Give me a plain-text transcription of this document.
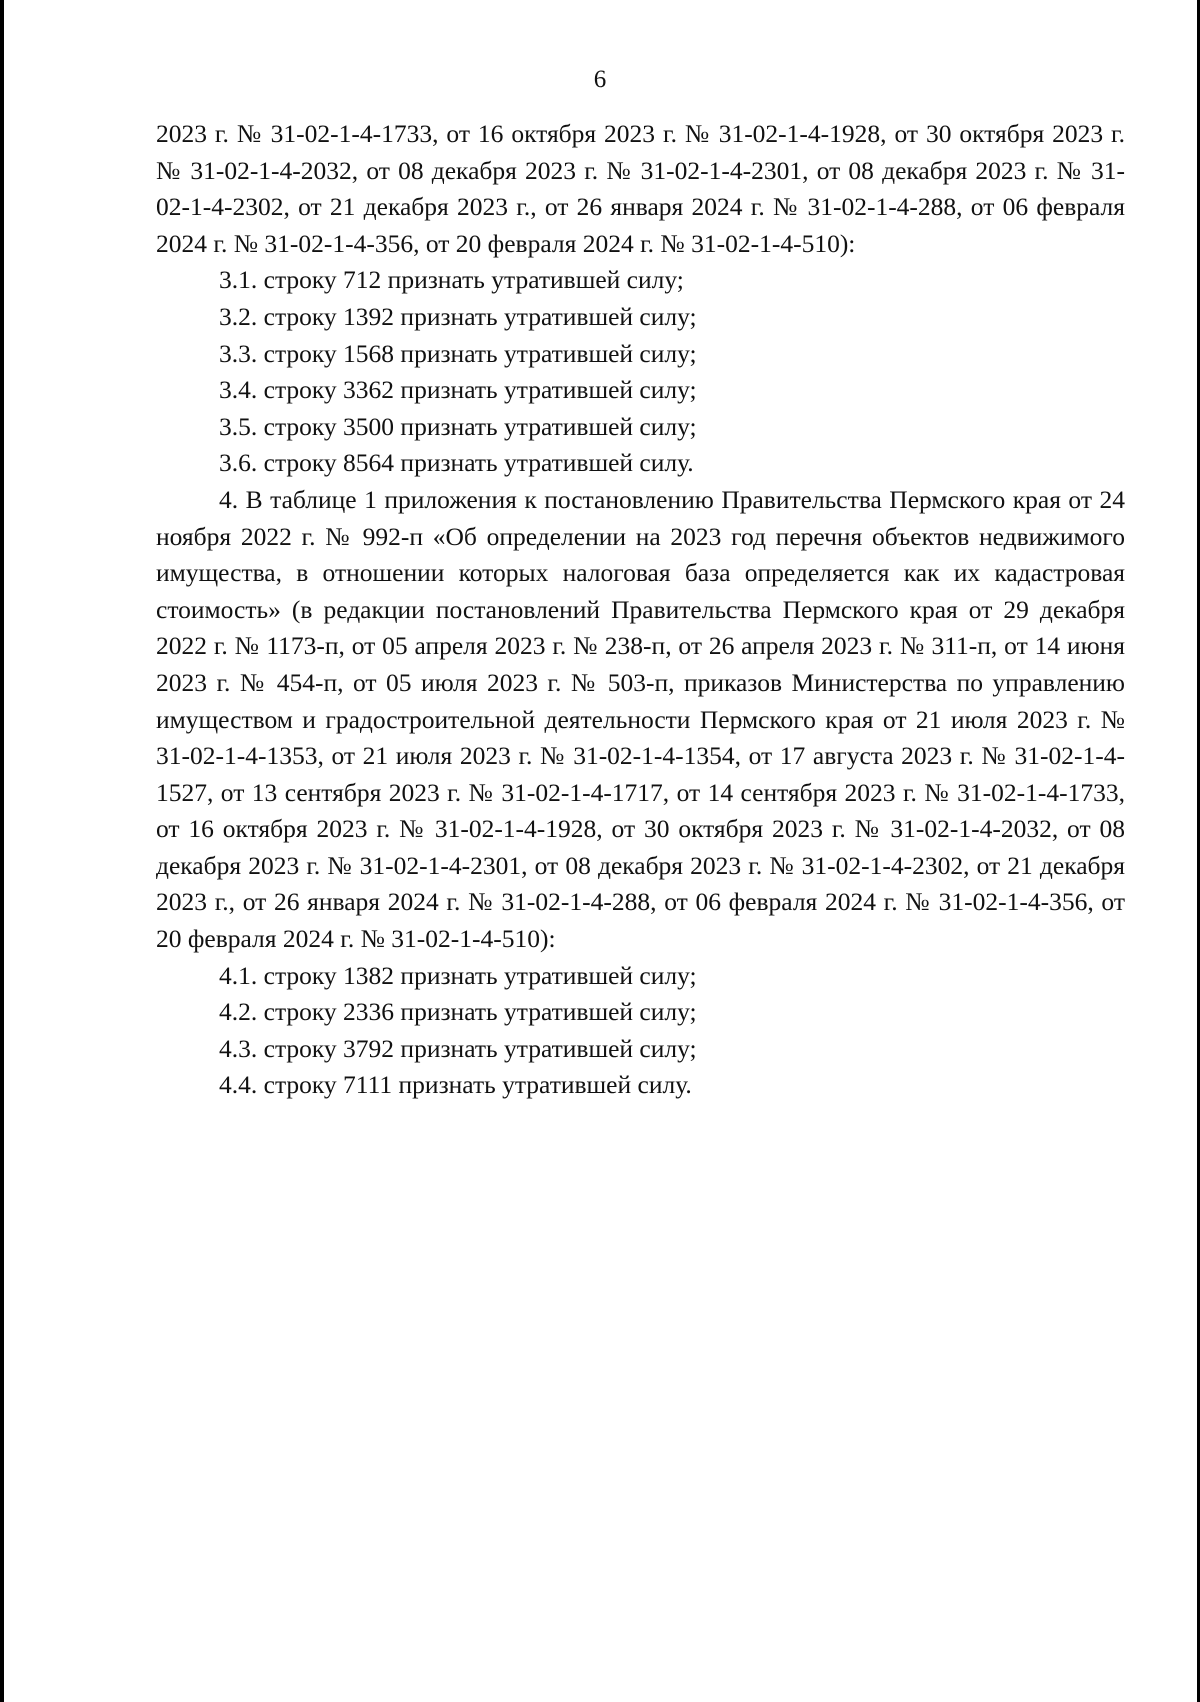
6

2023 г. № 31-02-1-4-1733, от 16 октября 2023 г. № 31-02-1-4-1928, от 30 октября 2023 г. № 31-02-1-4-2032, от 08 декабря 2023 г. № 31-02-1-4-2301, от 08 декабря 2023 г. № 31-02-1-4-2302, от 21 декабря 2023 г., от 26 января 2024 г. № 31-02-1-4-288, от 06 февраля 2024 г. № 31-02-1-4-356, от 20 февраля 2024 г. № 31-02-1-4-510):

3.1. строку 712 признать утратившей силу;

3.2. строку 1392 признать утратившей силу;

3.3. строку 1568 признать утратившей силу;

3.4. строку 3362 признать утратившей силу;

3.5. строку 3500 признать утратившей силу;

3.6. строку 8564 признать утратившей силу.

4. В таблице 1 приложения к постановлению Правительства Пермского края от 24 ноября 2022 г. № 992-п «Об определении на 2023 год перечня объектов недвижимого имущества, в отношении которых налоговая база определяется как их кадастровая стоимость» (в редакции постановлений Правительства Пермского края от 29 декабря 2022 г. № 1173-п, от 05 апреля 2023 г. № 238-п, от 26 апреля 2023 г. № 311-п, от 14 июня 2023 г. № 454-п, от 05 июля 2023 г. № 503-п, приказов Министерства по управлению имуществом и градостроительной деятельности Пермского края от 21 июля 2023 г. № 31-02-1-4-1353, от 21 июля 2023 г. № 31-02-1-4-1354, от 17 августа 2023 г. № 31-02-1-4-1527, от 13 сентября 2023 г. № 31-02-1-4-1717, от 14 сентября 2023 г. № 31-02-1-4-1733, от 16 октября 2023 г. № 31-02-1-4-1928, от 30 октября 2023 г. № 31-02-1-4-2032, от 08 декабря 2023 г. № 31-02-1-4-2301, от 08 декабря 2023 г. № 31-02-1-4-2302, от 21 декабря 2023 г., от 26 января 2024 г. № 31-02-1-4-288, от 06 февраля 2024 г. № 31-02-1-4-356, от 20 февраля 2024 г. № 31-02-1-4-510):

4.1. строку 1382 признать утратившей силу;

4.2. строку 2336 признать утратившей силу;

4.3. строку 3792 признать утратившей силу;

4.4. строку 7111 признать утратившей силу.
